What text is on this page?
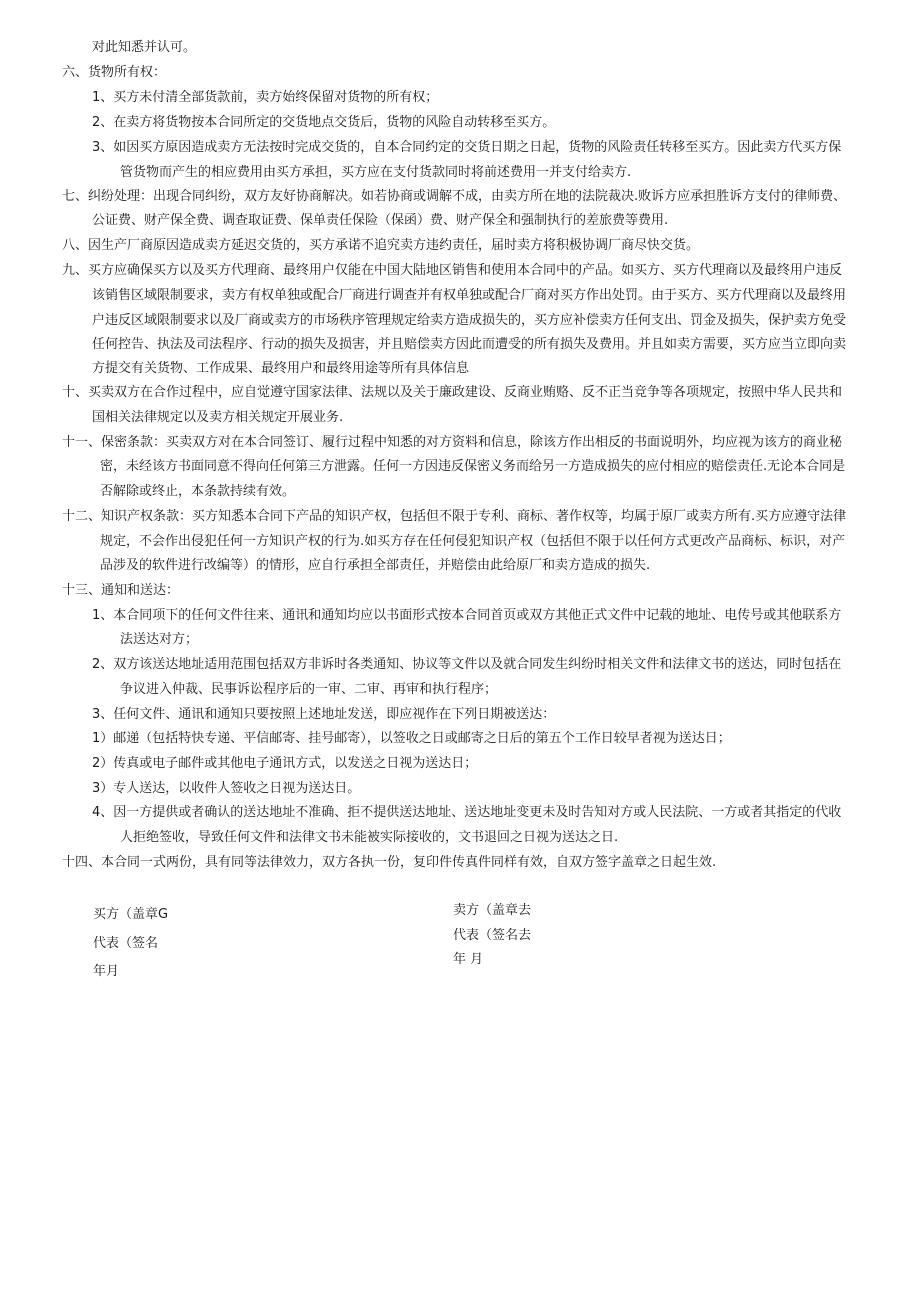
对此知悉并认可。
六、货物所有权：
1、买方未付清全部货款前，卖方始终保留对货物的所有权；
2、在卖方将货物按本合同所定的交货地点交货后，货物的风险自动转移至买方。
3、如因买方原因造成卖方无法按时完成交货的，自本合同约定的交货日期之日起，货物的风险责任转移至买方。因此卖方代买方保
管货物而产生的相应费用由买方承担，买方应在支付货款同时将前述费用一并支付给卖方.
七、纠纷处理：出现合同纠纷，双方友好协商解决。如若协商或调解不成，由卖方所在地的法院裁决.败诉方应承担胜诉方支付的律师费、
公证费、财产保全费、调查取证费、保单责任保险（保函）费、财产保全和强制执行的差旅费等费用.
八、因生产厂商原因造成卖方延迟交货的，买方承诺不追究卖方违约责任，届时卖方将积极协调厂商尽快交货。
九、买方应确保买方以及买方代理商、最终用户仅能在中国大陆地区销售和使用本合同中的产品。如买方、买方代理商以及最终用户违反
该销售区域限制要求，卖方有权单独或配合厂商进行调查并有权单独或配合厂商对买方作出处罚。由于买方、买方代理商以及最终用
户违反区域限制要求以及厂商或卖方的市场秩序管理规定给卖方造成损失的，买方应补偿卖方任何支出、罚金及损失，保护卖方免受
任何控告、执法及司法程序、行动的损失及损害，并且赔偿卖方因此而遭受的所有损失及费用。并且如卖方需要，买方应当立即向卖
方提交有关货物、工作成果、最终用户和最终用途等所有具体信息
十、买卖双方在合作过程中，应自觉遵守国家法律、法规以及关于廉政建设、反商业贿赂、反不正当竞争等各项规定，按照中华人民共和
国相关法律规定以及卖方相关规定开展业务.
十一、保密条款：买卖双方对在本合同签订、履行过程中知悉的对方资料和信息，除该方作出相反的书面说明外，均应视为该方的商业秘
密，未经该方书面同意不得向任何第三方泄露。任何一方因违反保密义务而给另一方造成损失的应付相应的赔偿责任.无论本合同是
否解除或终止，本条款持续有效。
十二、知识产权条款：买方知悉本合同下产品的知识产权，包括但不限于专利、商标、著作权等，均属于原厂或卖方所有.买方应遵守法律
规定，不会作出侵犯任何一方知识产权的行为.如买方存在任何侵犯知识产权（包括但不限于以任何方式更改产品商标、标识，对产
品涉及的软件进行改编等）的情形，应自行承担全部责任，并赔偿由此给原厂和卖方造成的损失.
十三、通知和送达：
1、本合同项下的任何文件往来、通讯和通知均应以书面形式按本合同首页或双方其他正式文件中记载的地址、电传号或其他联系方
法送达对方；
2、双方该送达地址适用范围包括双方非诉时各类通知、协议等文件以及就合同发生纠纷时相关文件和法律文书的送达，同时包括在
争议进入仲裁、民事诉讼程序后的一审、二审、再审和执行程序；
3、任何文件、通讯和通知只要按照上述地址发送，即应视作在下列日期被送达：
1）邮递（包括特快专递、平信邮寄、挂号邮寄），以签收之日或邮寄之日后的第五个工作日较早者视为送达日；
2）传真或电子邮件或其他电子通讯方式，以发送之日视为送达日；
3）专人送达，以收件人签收之日视为送达日。
4、因一方提供或者确认的送达地址不准确、拒不提供送达地址、送达地址变更未及时告知对方或人民法院、一方或者其指定的代收
人拒绝签收，导致任何文件和法律文书未能被实际接收的，文书退回之日视为送达之日.
十四、本合同一式两份，具有同等法律效力，双方各执一份，复印件传真件同样有效，自双方签字盖章之日起生效.
买方（盖章G
代表（签名
年月
卖方（盖章去
代表（签名去
年 月
